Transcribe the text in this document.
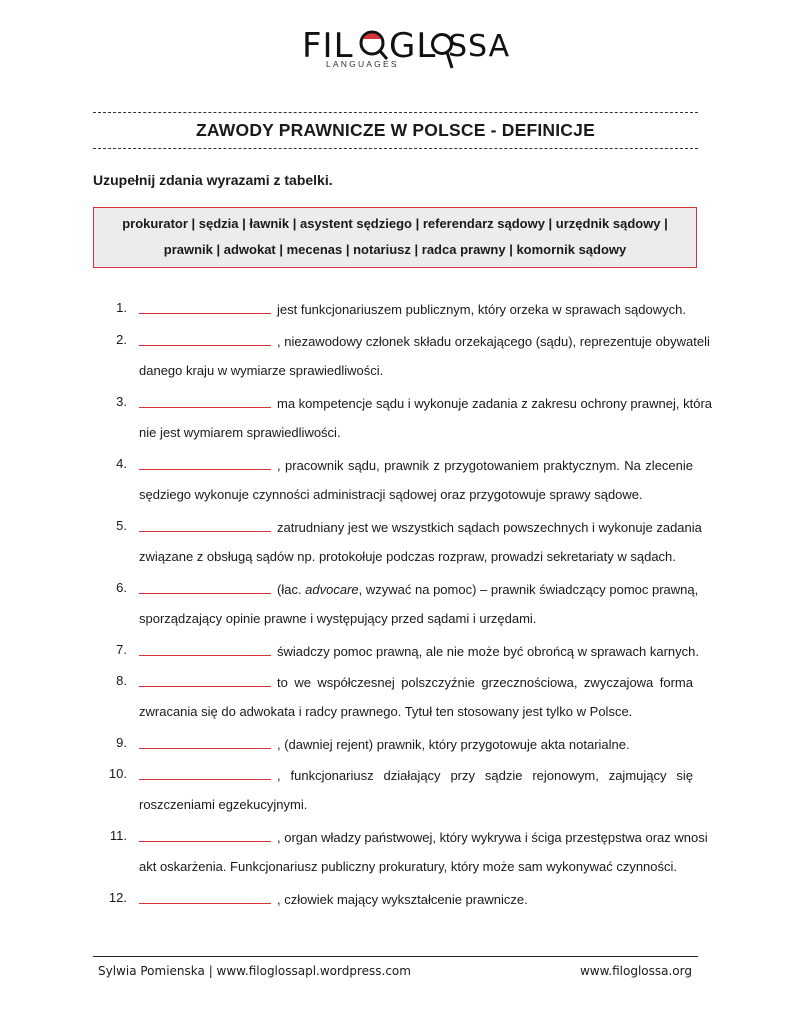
FIL GL SSA
LANGUAGES
ZAWODY PRAWNICZE W POLSCE - DEFINICJE
Uzupełnij zdania wyrazami z tabelki.
prokurator | sędzia | ławnik | asystent sędziego | referendarz sądowy | urzędnik sądowy |
prawnik | adwokat | mecenas | notariusz | radca prawny | komornik sądowy
1.	jest funkcjonariuszem publicznym, który orzeka w sprawach sądowych.
2.	, niezawodowy członek składu orzekającego (sądu), reprezentuje obywateli
danego kraju w wymiarze sprawiedliwości.
3.	ma kompetencje sądu i wykonuje zadania z zakresu ochrony prawnej, która
nie jest wymiarem sprawiedliwości.
4.	, pracownik sądu, prawnik z przygotowaniem praktycznym. Na zlecenie
sędziego wykonuje czynności administracji sądowej oraz przygotowuje sprawy sądowe.
5.	zatrudniany jest we wszystkich sądach powszechnych i wykonuje zadania
związane z obsługą sądów np. protokołuje podczas rozpraw, prowadzi sekretariaty w sądach.
6.	(łac. advocare, wzywać na pomoc) – prawnik świadczący pomoc prawną,
sporządzający opinie prawne i występujący przed sądami i urzędami.
7.	świadczy pomoc prawną, ale nie może być obrońcą w sprawach karnych.
8.	to we współczesnej polszczyźnie grzecznościowa, zwyczajowa forma
zwracania się do adwokata i radcy prawnego. Tytuł ten stosowany jest tylko w Polsce.
9.	, (dawniej rejent) prawnik, który przygotowuje akta notarialne.
10.	, funkcjonariusz działający przy sądzie rejonowym, zajmujący się
roszczeniami egzekucyjnymi.
11.	, organ władzy państwowej, który wykrywa i ściga przestępstwa oraz wnosi
akt oskarżenia. Funkcjonariusz publiczny prokuratury, który może sam wykonywać czynności.
12.	, człowiek mający wykształcenie prawnicze.
Sylwia Pomienska | www.filoglossapl.wordpress.com	www.filoglossa.org
